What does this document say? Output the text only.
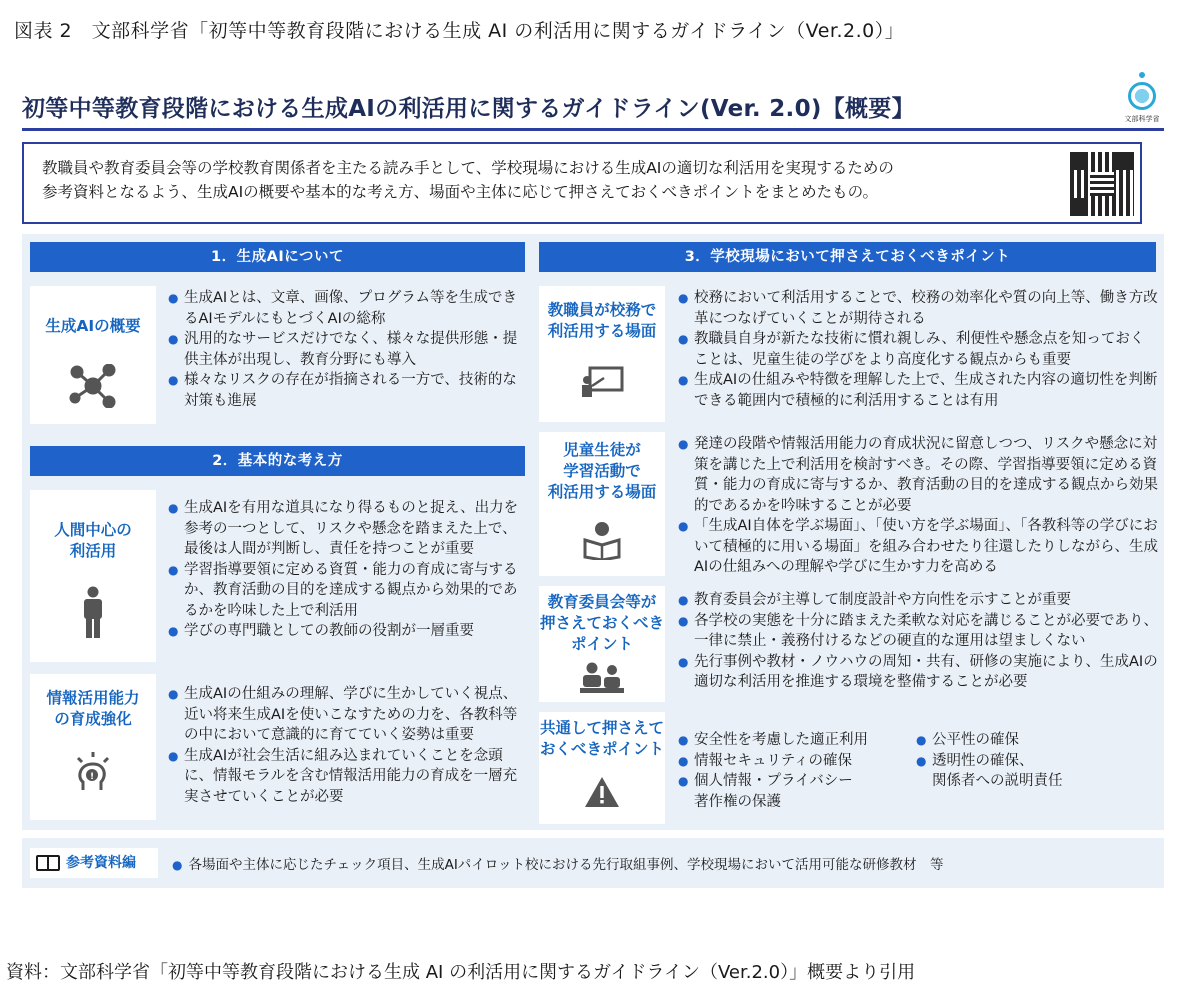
図表 2　文部科学省「初等中等教育段階における生成 AI の利活用に関するガイドライン（Ver.2.0）」
初等中等教育段階における生成AIの利活用に関するガイドライン(Ver. 2.0)【概要】	文部科学省

教職員や教育委員会等の学校教育関係者を主たる読み手として、学校現場における生成AIの適切な利活用を実現するための

参考資料となるよう、生成AIの概要や基本的な考え方、場面や主体に応じて押さえておくべきポイントをまとめたもの。

1．生成AIについて
生成AIの概要
● 生成AIとは、文章、画像、プログラム等を生成できるAIモデルにもとづくAIの総称
● 汎用的なサービスだけでなく、様々な提供形態・提供主体が出現し、教育分野にも導入
● 様々なリスクの存在が指摘される一方で、技術的な対策も進展
2．基本的な考え方
人間中心の
利活用
● 生成AIを有用な道具になり得るものと捉え、出力を参考の一つとして、リスクや懸念を踏まえた上で、最後は人間が判断し、責任を持つことが重要
● 学習指導要領に定める資質・能力の育成に寄与するか、教育活動の目的を達成する観点から効果的であるかを吟味した上で利活用
● 学びの専門職としての教師の役割が一層重要
情報活用能力
の育成強化
!
● 生成AIの仕組みの理解、学びに生かしていく視点、近い将来生成AIを使いこなすための力を、各教科等の中において意識的に育てていく姿勢は重要
● 生成AIが社会生活に組み込まれていくことを念頭に、情報モラルを含む情報活用能力の育成を一層充実させていくことが必要
3．学校現場において押さえておくべきポイント
教職員が校務で
利活用する場面
● 校務において利活用することで、校務の効率化や質の向上等、働き方改革につなげていくことが期待される
● 教職員自身が新たな技術に慣れ親しみ、利便性や懸念点を知っておくことは、児童生徒の学びをより高度化する観点からも重要
● 生成AIの仕組みや特徴を理解した上で、生成された内容の適切性を判断できる範囲内で積極的に利活用することは有用
児童生徒が
学習活動で
利活用する場面
● 発達の段階や情報活用能力の育成状況に留意しつつ、リスクや懸念に対策を講じた上で利活用を検討すべき。その際、学習指導要領に定める資質・能力の育成に寄与するか、教育活動の目的を達成する観点から効果的であるかを吟味することが必要
● 「生成AI自体を学ぶ場面」、「使い方を学ぶ場面」、「各教科等の学びにおいて積極的に用いる場面」を組み合わせたり往還したりしながら、生成AIの仕組みへの理解や学びに生かす力を高める
教育委員会等が
押さえておくべき
ポイント
● 教育委員会が主導して制度設計や方向性を示すことが重要
● 各学校の実態を十分に踏まえた柔軟な対応を講じることが必要であり、一律に禁止・義務付けるなどの硬直的な運用は望ましくない
● 先行事例や教材・ノウハウの周知・共有、研修の実施により、生成AIの適切な利活用を推進する環境を整備することが必要
共通して押さえて
おくべきポイント	● 安全性を考慮した適正利用
● 情報セキュリティの確保
● 個人情報・プライバシー
著作権の保護
● 公平性の確保
● 透明性の確保、
関係者への説明責任
参考資料編	● 各場面や主体に応じたチェック項目、生成AIパイロット校における先行取組事例、学校現場において活用可能な研修教材　等
資料：文部科学省「初等中等教育段階における生成 AI の利活用に関するガイドライン（Ver.2.0）」概要より引用
